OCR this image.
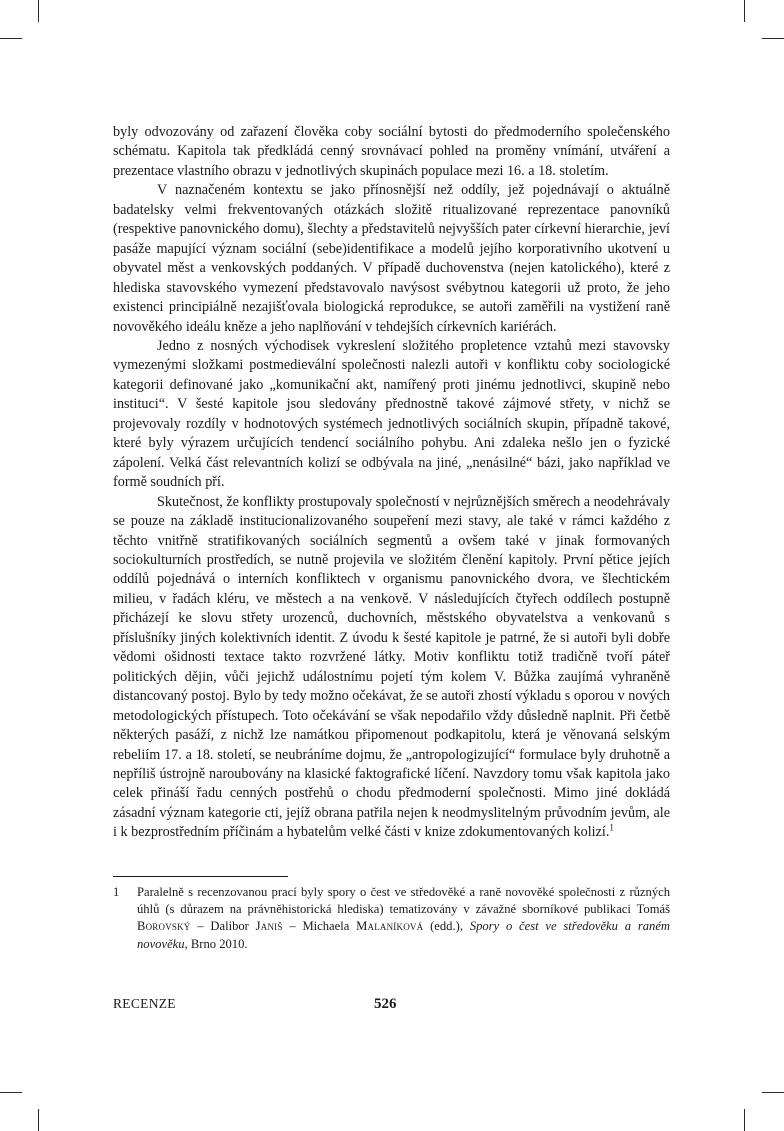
byly odvozovány od zařazení člověka coby sociální bytosti do předmoderního společenského schématu. Kapitola tak předkládá cenný srovnávací pohled na proměny vnímání, utváření a prezentace vlastního obrazu v jednotlivých skupinách populace mezi 16. a 18. stoletím.

V naznačeném kontextu se jako přínosnější než oddíly, jež pojednávají o aktuálně badatelsky velmi frekventovaných otázkách složitě ritualizované reprezentace panovníků (respektive panovnického domu), šlechty a představitelů nejvyšších pater církevní hierarchie, jeví pasáže mapující význam sociální (sebe)identifikace a modelů jejího korporativního ukotvení u obyvatel měst a venkovských poddaných. V případě duchovenstva (nejen katolického), které z hlediska stavovského vymezení představovalo navýsost svébytnou kategorii už proto, že jeho existenci principiálně nezajišťovala biologická reprodukce, se autoři zaměřili na vystižení raně novověkého ideálu kněze a jeho naplňování v tehdejších církevních kariérách.

Jedno z nosných východisek vykreslení složitého propletence vztahů mezi stavovsky vymezenými složkami postmedievální společnosti nalezli autoři v konfliktu coby sociologické kategorii definované jako „komunikační akt, namířený proti jinému jednotlivci, skupině nebo instituci“. V šesté kapitole jsou sledovány přednostně takové zájmové střety, v nichž se projevovaly rozdíly v hodnotových systémech jednotlivých sociálních skupin, případně takové, které byly výrazem určujících tendencí sociálního pohybu. Ani zdaleka nešlo jen o fyzické zápolení. Velká část relevantních kolizí se odbývala na jiné, „nenásilné“ bázi, jako například ve formě soudních pří.

Skutečnost, že konflikty prostupovaly společností v nejrůznějších směrech a neodehrávaly se pouze na základě institucionalizovaného soupeření mezi stavy, ale také v rámci každého z těchto vnitřně stratifikovaných sociálních segmentů a ovšem také v jinak formovaných sociokulturních prostředích, se nutně projevila ve složitém členění kapitoly. První pětice jejích oddílů pojednává o interních konfliktech v organismu panovnického dvora, ve šlechtickém milieu, v řadách kléru, ve městech a na venkově. V následujících čtyřech oddílech postupně přicházejí ke slovu střety urozenců, duchovních, městského obyvatelstva a venkovanů s příslušníky jiných kolektivních identit. Z úvodu k šesté kapitole je patrné, že si autoři byli dobře vědomi ošidnosti textace takto rozvržené látky. Motiv konfliktu totiž tradičně tvoří páteř politických dějin, vůči jejichž událostnímu pojetí tým kolem V. Bůžka zaujímá vyhraněně distancovaný postoj. Bylo by tedy možno očekávat, že se autoři zhostí výkladu s oporou v nových metodologických přístupech. Toto očekávání se však nepodařilo vždy důsledně naplnit. Při četbě některých pasáží, z nichž lze namátkou připomenout podkapitolu, která je věnovaná selským rebeliím 17. a 18. století, se neubráníme dojmu, že „antropologizující“ formulace byly druhotně a nepříliš ústrojně naroubovány na klasické faktografické líčení. Navzdory tomu však kapitola jako celek přináší řadu cenných postřehů o chodu předmoderní společnosti. Mimo jiné dokládá zásadní význam kategorie cti, jejíž obrana patřila nejen k neodmyslitelným průvodním jevům, ale i k bezprostředním příčinám a hybatelům velké části v knize zdokumentovaných kolizí.$^1$

1	Paralelně s recenzovanou prací byly spory o čest ve středověké a raně novověké společnosti z různých úhlů (s důrazem na právněhistorická hlediska) tematizovány v závažné sborníkové publikaci Tomáš Borovský – Dalibor Janiš – Michaela Malaníková (edd.), Spory o čest ve středověku a raném novověku, Brno 2010.
RECENZE	526
